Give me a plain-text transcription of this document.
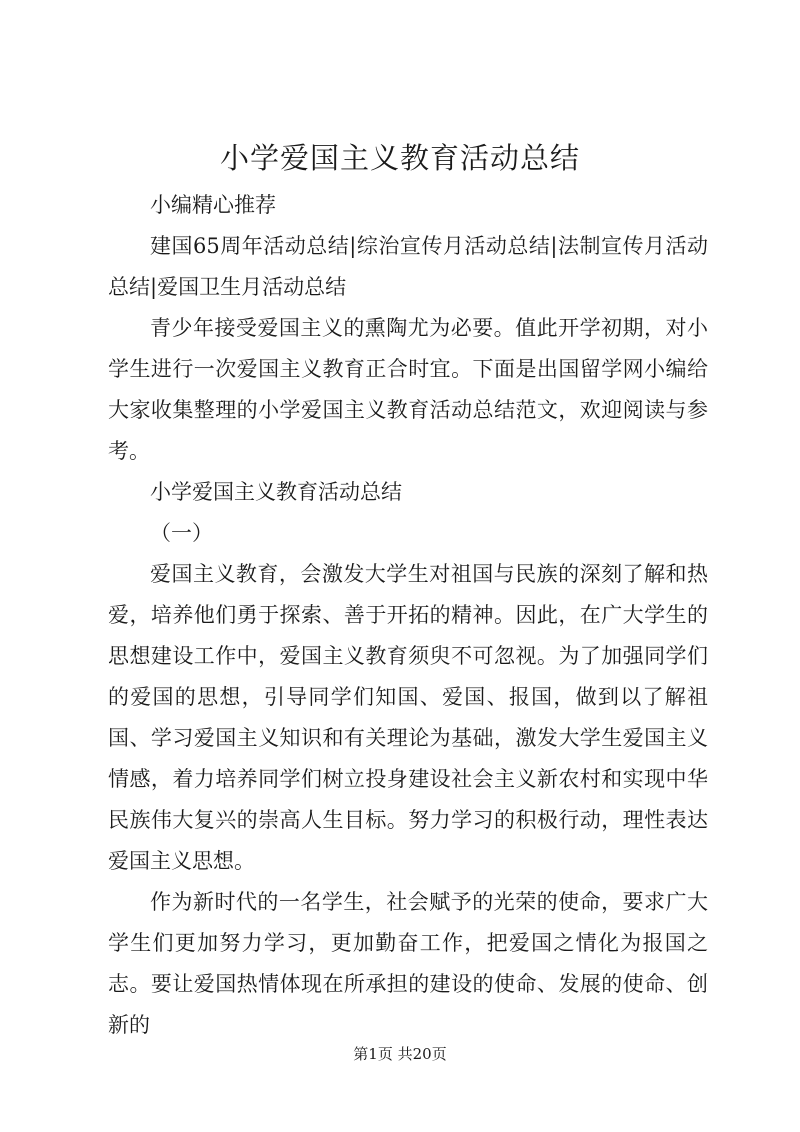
小学爱国主义教育活动总结

小编精心推荐

建国65周年活动总结|综治宣传月活动总结|法制宣传月活动总结|爱国卫生月活动总结

青少年接受爱国主义的熏陶尤为必要。值此开学初期，对小学生进行一次爱国主义教育正合时宜。下面是出国留学网小编给大家收集整理的小学爱国主义教育活动总结范文，欢迎阅读与参考。

小学爱国主义教育活动总结

（一）

爱国主义教育，会激发大学生对祖国与民族的深刻了解和热爱，培养他们勇于探索、善于开拓的精神。因此，在广大学生的思想建设工作中，爱国主义教育须臾不可忽视。为了加强同学们的爱国的思想，引导同学们知国、爱国、报国，做到以了解祖国、学习爱国主义知识和有关理论为基础，激发大学生爱国主义情感，着力培养同学们树立投身建设社会主义新农村和实现中华民族伟大复兴的崇高人生目标。努力学习的积极行动，理性表达爱国主义思想。

作为新时代的一名学生，社会赋予的光荣的使命，要求广大学生们更加努力学习，更加勤奋工作，把爱国之情化为报国之志。要让爱国热情体现在所承担的建设的使命、发展的使命、创新的

第1页 共20页
